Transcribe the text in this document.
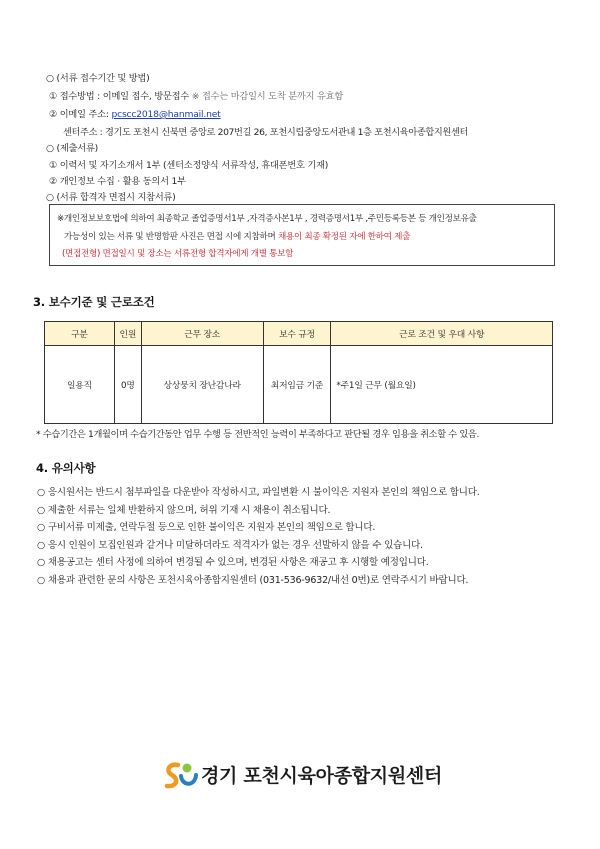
○ (서류 접수기간 및 방법)
① 접수방법 : 이메일 접수, 방문접수 ※ 접수는 마감일시 도착 분까지 유효함
② 이메일 주소: pcscc2018@hanmail.net
센터주소 : 경기도 포천시 신북면 중앙로 207번길 26, 포천시립중앙도서관내 1층 포천시육아종합지원센터
○ (제출서류)
① 이력서 및 자기소개서 1부 (센터소정양식 서류작성, 휴대폰번호 기재)
② 개인정보 수집 · 활용 동의서 1부
○ (서류 합격자 면접시 지참서류)
※개인정보보호법에 의하여 최종학교 졸업증명서1부 ,자격증사본1부 , 경력증명서1부 ,주민등록등본 등 개인정보유출
가능성이 있는 서류 및 반명함판 사진은 면접 시에 지참하며 채용이 최종 확정된 자에 한하여 제출
(면접전형) 면접일시 및 장소는 서류전형 합격자에게 개별 통보함
3. 보수기준 및 근로조건
구분	인원	근무 장소	보수 규정	근로 조건 및 우대 사항
일용직	0명	상상뭉치 장난감나라	최저임금 기준	*주1일 근무 (월요일)
* 수습기간은 1개월이며 수습기간동안 업무 수행 등 전반적인 능력이 부족하다고 판단될 경우 임용을 취소할 수 있음.
4. 유의사항
○ 응시원서는 반드시 첨부파일을 다운받아 작성하시고, 파일변환 시 불이익은 지원자 본인의 책임으로 합니다.
○ 제출한 서류는 일체 반환하지 않으며, 허위 기재 시 채용이 취소됩니다.
○ 구비서류 미제출, 연락두절 등으로 인한 불이익은 지원자 본인의 책임으로 합니다.
○ 응시 인원이 모집인원과 같거나 미달하더라도 적격자가 없는 경우 선발하지 않을 수 있습니다.
○ 채용공고는 센터 사정에 의하여 변경될 수 있으며, 변경된 사항은 재공고 후 시행할 예정입니다.
○ 채용과 관련한 문의 사항은 포천시육아종합지원센터 (031-536-9632/내선 0번)로 연락주시기 바랍니다.
경기 포천시육아종합지원센터
